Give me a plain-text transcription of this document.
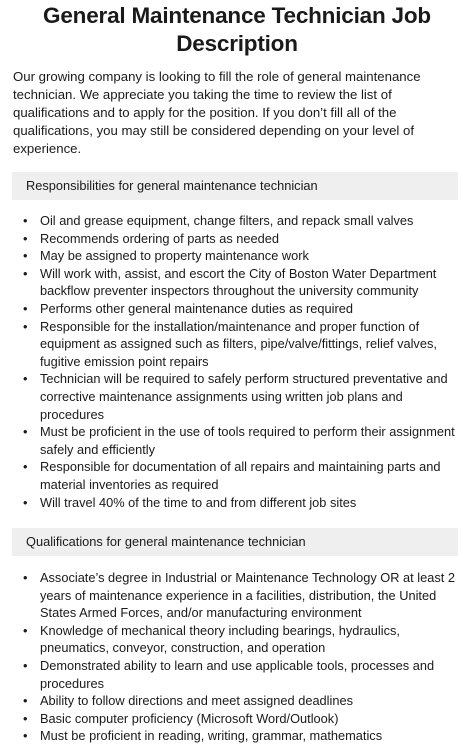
General Maintenance Technician Job Description

Our growing company is looking to fill the role of general maintenance technician. We appreciate you taking the time to review the list of qualifications and to apply for the position. If you don’t fill all of the qualifications, you may still be considered depending on your level of experience.

Responsibilities for general maintenance technician
• Oil and grease equipment, change filters, and repack small valves
• Recommends ordering of parts as needed
• May be assigned to property maintenance work
• Will work with, assist, and escort the City of Boston Water Department backflow preventer inspectors throughout the university community
• Performs other general maintenance duties as required
• Responsible for the installation/maintenance and proper function of equipment as assigned such as filters, pipe/valve/fittings, relief valves, fugitive emission point repairs
• Technician will be required to safely perform structured preventative and corrective maintenance assignments using written job plans and procedures
• Must be proficient in the use of tools required to perform their assignment safely and efficiently
• Responsible for documentation of all repairs and maintaining parts and material inventories as required
• Will travel 40% of the time to and from different job sites
Qualifications for general maintenance technician
• Associate’s degree in Industrial or Maintenance Technology OR at least 2 years of maintenance experience in a facilities, distribution, the United States Armed Forces, and/or manufacturing environment
• Knowledge of mechanical theory including bearings, hydraulics, pneumatics, conveyor, construction, and operation
• Demonstrated ability to learn and use applicable tools, processes and procedures
• Ability to follow directions and meet assigned deadlines
• Basic computer proficiency (Microsoft Word/Outlook)
• Must be proficient in reading, writing, grammar, mathematics
